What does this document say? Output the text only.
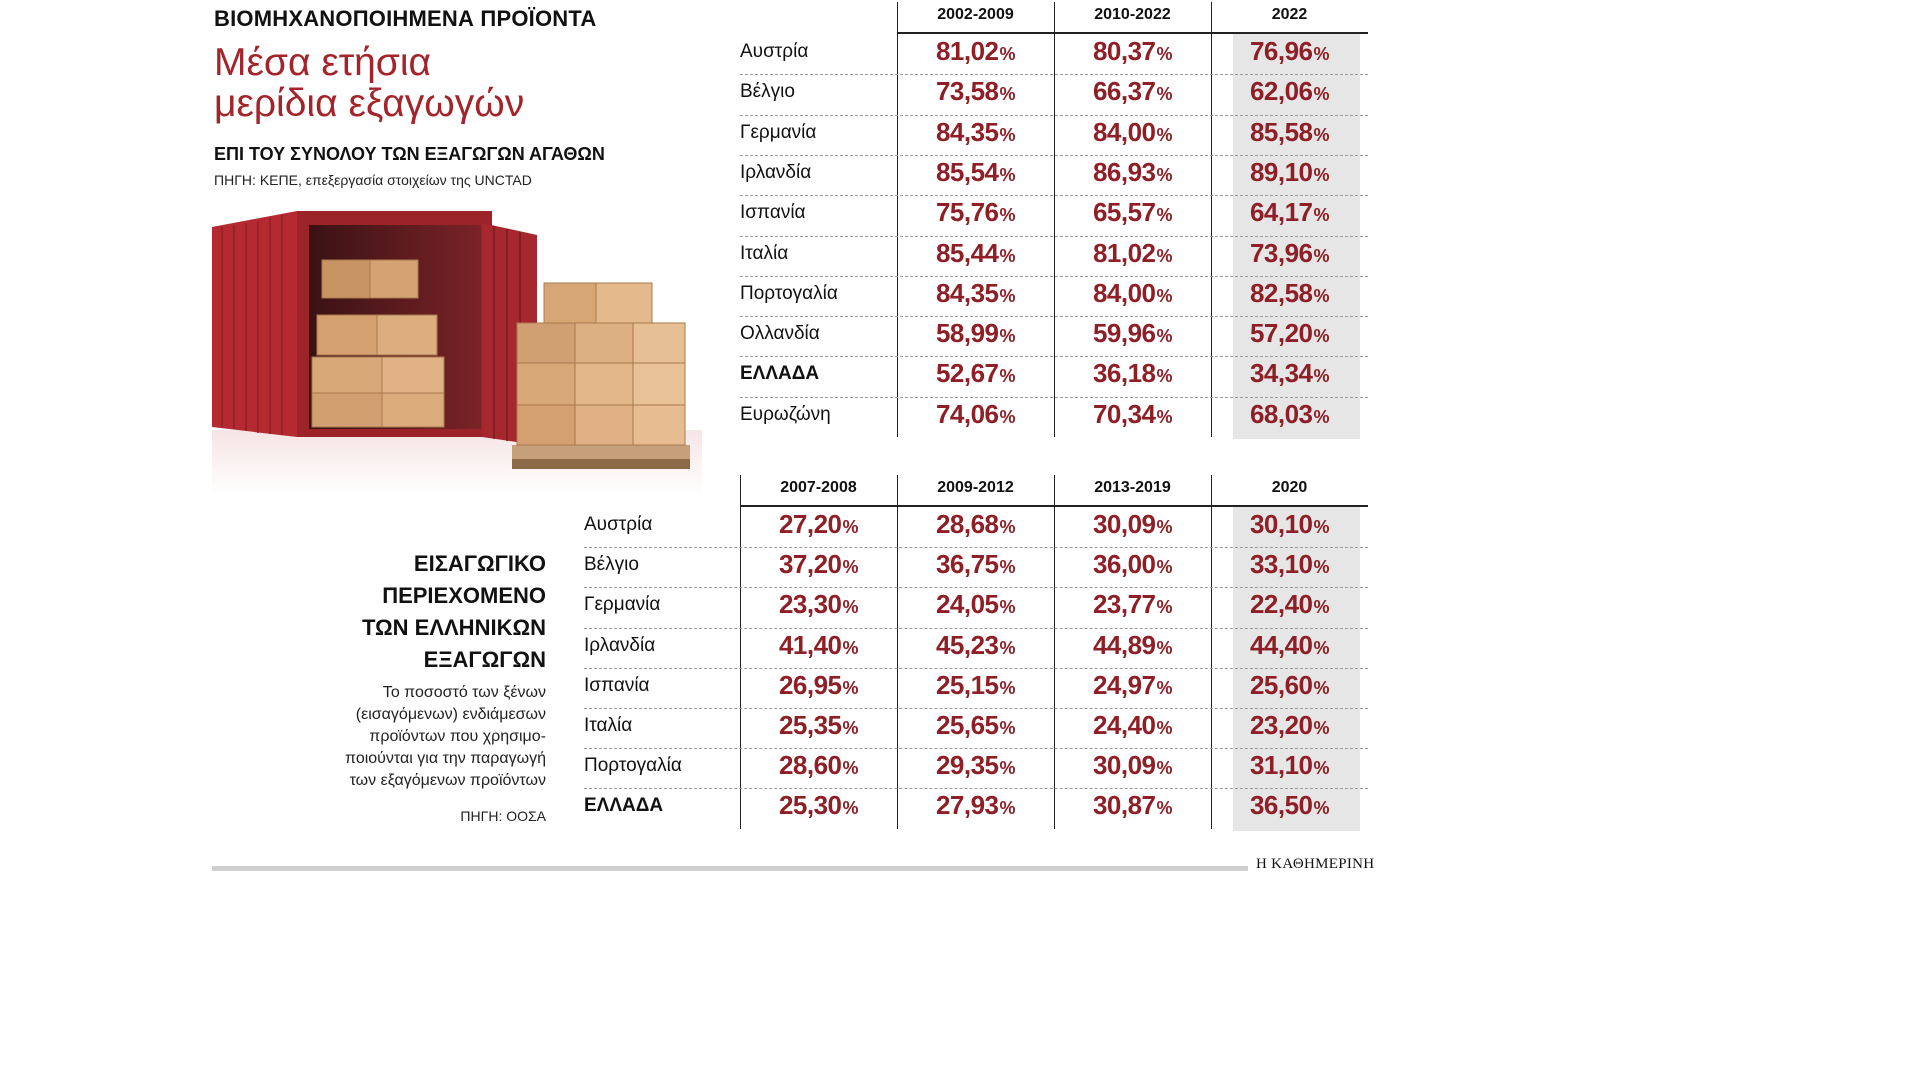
ΒΙΟΜΗΧΑΝΟΠΟΙΗΜΕΝΑ ΠΡΟΪΟΝΤΑ
Μέσα ετήσια
μερίδια εξαγωγών
ΕΠΙ ΤΟΥ ΣΥΝΟΛΟΥ ΤΩΝ ΕΞΑΓΩΓΩΝ ΑΓΑΘΩΝ
ΠΗΓΗ: ΚΕΠΕ, επεξεργασία στοιχείων της UNCTAD
ΕΙΣΑΓΩΓΙΚΟ
ΠΕΡΙΕΧΟΜΕΝΟ
ΤΩΝ ΕΛΛΗΝΙΚΩΝ
ΕΞΑΓΩΓΩΝ
Το ποσοστό των ξένων
(εισαγόμενων) ενδιάμεσων
προϊόντων που χρησιμο-
ποιούνται για την παραγωγή
των εξαγόμενων προϊόντων
ΠΗΓΗ: ΟΟΣΑ
2002-2009	2010-2022	2022
Αυστρία	81,02%	80,37%	76,96%
Βέλγιο	73,58%	66,37%	62,06%
Γερμανία	84,35%	84,00%	85,58%
Ιρλανδία	85,54%	86,93%	89,10%
Ισπανία	75,76%	65,57%	64,17%
Ιταλία	85,44%	81,02%	73,96%
Πορτογαλία	84,35%	84,00%	82,58%
Ολλανδία	58,99%	59,96%	57,20%
ΕΛΛΑΔΑ	52,67%	36,18%	34,34%
Ευρωζώνη	74,06%	70,34%	68,03%
2007-2008	2009-2012	2013-2019	2020
Αυστρία	27,20%	28,68%	30,09%	30,10%
Βέλγιο	37,20%	36,75%	36,00%	33,10%
Γερμανία	23,30%	24,05%	23,77%	22,40%
Ιρλανδία	41,40%	45,23%	44,89%	44,40%
Ισπανία	26,95%	25,15%	24,97%	25,60%
Ιταλία	25,35%	25,65%	24,40%	23,20%
Πορτογαλία	28,60%	29,35%	30,09%	31,10%
ΕΛΛΑΔΑ	25,30%	27,93%	30,87%	36,50%
Η ΚΑΘΗΜΕΡΙΝΗ
